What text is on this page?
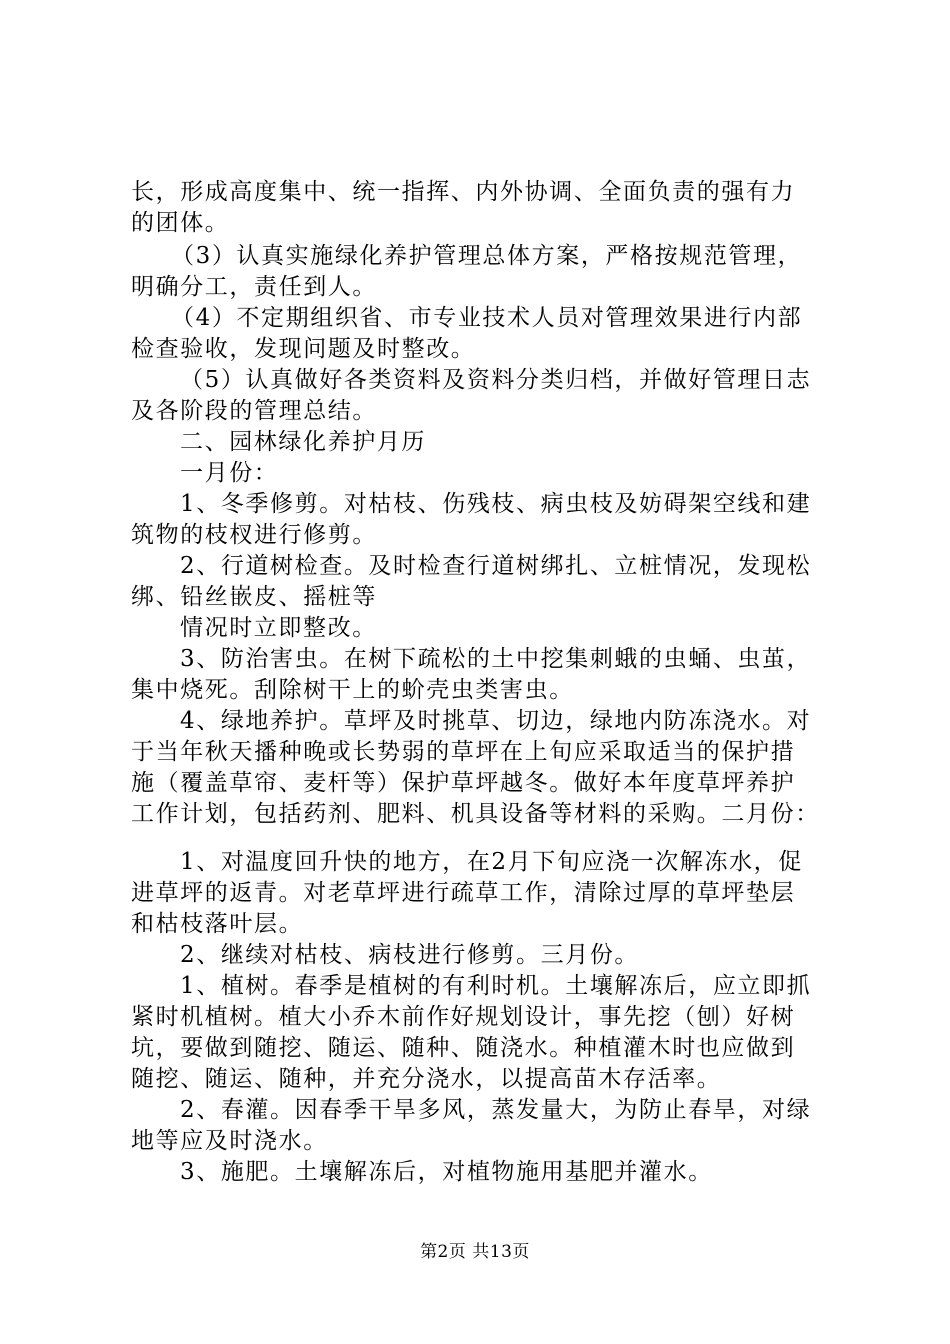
长，形成高度集中、统一指挥、内外协调、全面负责的强有力
的团体。
（3）认真实施绿化养护管理总体方案，严格按规范管理，
明确分工，责任到人。
（4）不定期组织省、市专业技术人员对管理效果进行内部
检查验收，发现问题及时整改。
（5）认真做好各类资料及资料分类归档，并做好管理日志
及各阶段的管理总结。
二、园林绿化养护月历
一月份：
1、冬季修剪。对枯枝、伤残枝、病虫枝及妨碍架空线和建
筑物的枝杈进行修剪。
2、行道树检查。及时检查行道树绑扎、立桩情况，发现松
绑、铅丝嵌皮、摇桩等
情况时立即整改。
3、防治害虫。在树下疏松的土中挖集刺蛾的虫蛹、虫茧，
集中烧死。刮除树干上的蚧壳虫类害虫。
4、绿地养护。草坪及时挑草、切边，绿地内防冻浇水。对
于当年秋天播种晚或长势弱的草坪在上旬应采取适当的保护措
施（覆盖草帘、麦杆等）保护草坪越冬。做好本年度草坪养护
工作计划，包括药剂、肥料、机具设备等材料的采购。二月份：
1、对温度回升快的地方，在2月下旬应浇一次解冻水，促
进草坪的返青。对老草坪进行疏草工作，清除过厚的草坪垫层
和枯枝落叶层。
2、继续对枯枝、病枝进行修剪。三月份。
1、植树。春季是植树的有利时机。土壤解冻后，应立即抓
紧时机植树。植大小乔木前作好规划设计，事先挖（刨）好树
坑，要做到随挖、随运、随种、随浇水。种植灌木时也应做到
随挖、随运、随种，并充分浇水，以提高苗木存活率。
2、春灌。因春季干旱多风，蒸发量大，为防止春旱，对绿
地等应及时浇水。
3、施肥。土壤解冻后，对植物施用基肥并灌水。
第2页 共13页
